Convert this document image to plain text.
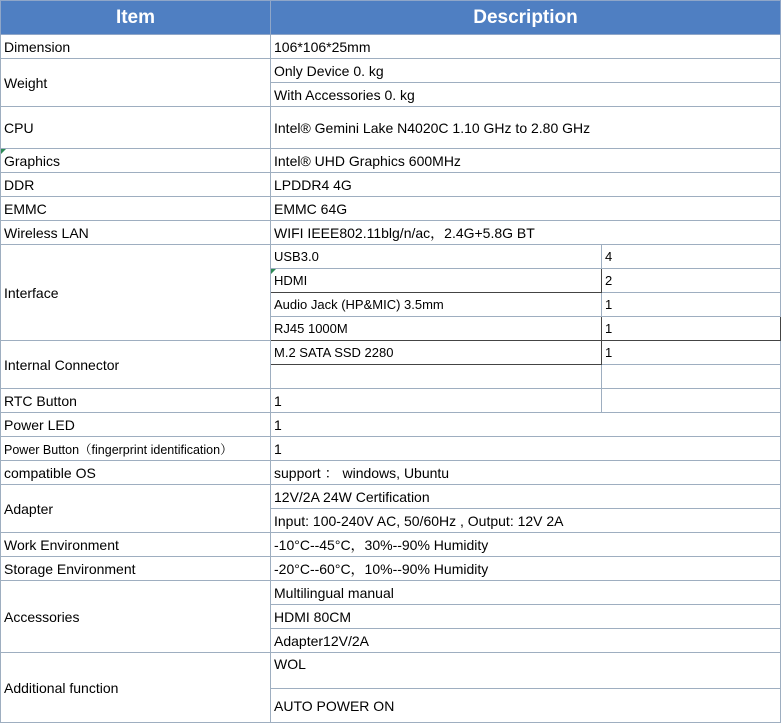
Item	Description	
Dimension	106*106*25mm	
Weight	Only Device 0. kg	
	With Accessories 0. kg	
CPU	Intel® Gemini Lake N4020C 1.10 GHz to 2.80 GHz	
Graphics	Intel® UHD Graphics 600MHz	
DDR	LPDDR4 4G	
EMMC	EMMC 64G	
Wireless LAN	WIFI IEEE802.11blg/n/ac，2.4G+5.8G BT	
Interface	USB3.0	4
	HDMI	2
	Audio Jack (HP&MIC) 3.5mm	1
	RJ45 1000M	1
Internal Connector	M.2 SATA SSD 2280	1

RTC Button	1	
Power LED	1	
Power Button（fingerprint identification）	1	
compatible OS	support ： windows, Ubuntu	
Adapter	12V/2A 24W Certification	
	Input: 100-240V AC, 50/60Hz , Output: 12V 2A	
Work Environment	-10°C--45°C，30%--90% Humidity	
Storage Environment	-20°C--60°C，10%--90% Humidity	
Accessories	Multilingual manual	
	HDMI 80CM	
	Adapter12V/2A	
Additional function	WOL	
	AUTO POWER ON	
